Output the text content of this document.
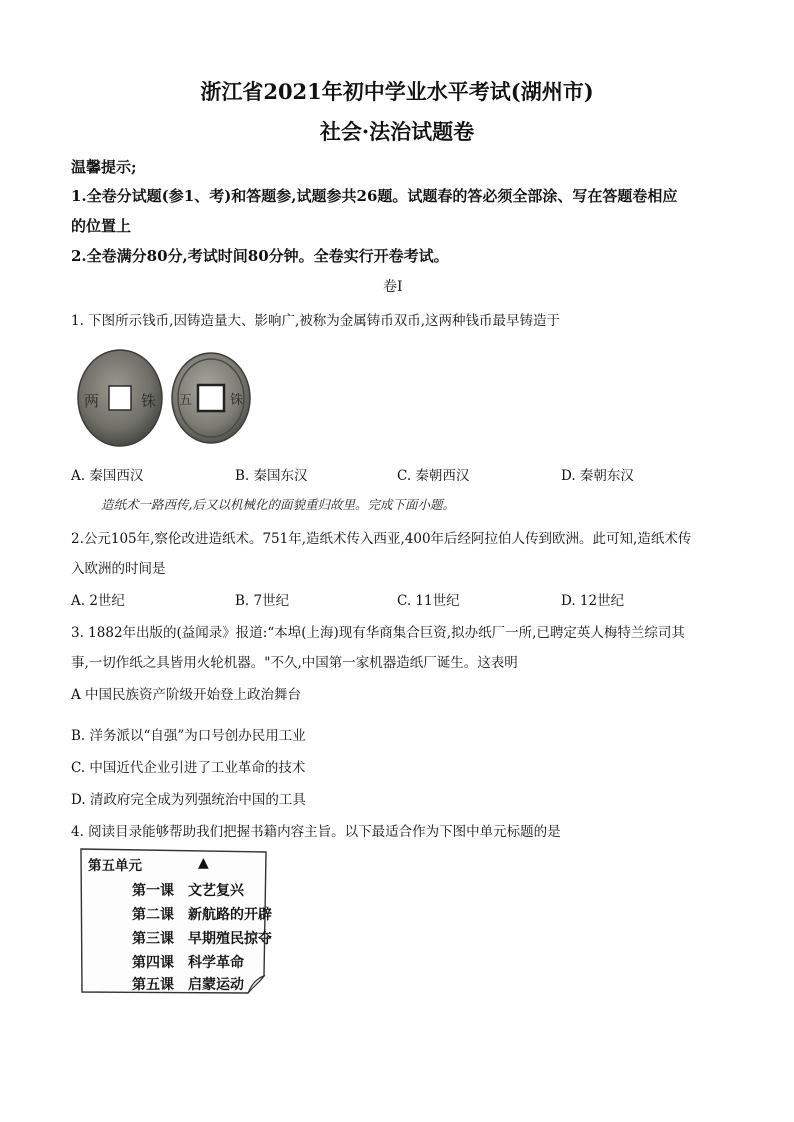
浙江省2021年初中学业水平考试(湖州市)
社会·法治试题卷
温馨提示;
1.全卷分试题(参1、考)和答题参,试题参共26题。试题春的答必须全部涂、写在答题卷相应
的位置上
2.全卷满分80分,考试时间80分钟。全卷实行开卷考试。
卷I
1. 下图所示钱币,因铸造量大、影响广,被称为金属铸币双币,这两种钱币最早铸造于
两 铢 五 铢
A. 秦国西汉	B. 秦国东汉	C. 秦朝西汉	D. 秦朝东汉
造纸术一路西传,后又以机械化的面貌重归故里。完成下面小题。
2.公元105年,察伦改进造纸术。751年,造纸术传入西亚,400年后经阿拉伯人传到欧洲。此可知,造纸术传
入欧洲的时间是
A. 2世纪	B. 7世纪	C. 11世纪	D. 12世纪
3. 1882年出版的(益闻录》报道:“本埠(上海)现有华商集合巨资,拟办纸厂一所,已聘定英人梅特兰综司其
事,一切作纸之具皆用火轮机器。"不久,中国第一家机器造纸厂诞生。这表明
A 中国民族资产阶级开始登上政治舞台
B. 洋务派以“自强”为口号创办民用工业
C. 中国近代企业引进了工业革命的技术
D. 清政府完全成为列强统治中国的工具
4. 阅读目录能够帮助我们把握书籍内容主旨。以下最适合作为下图中单元标题的是
第五单元	▲
第一课 文艺复兴
第二课 新航路的开辟
第三课 早期殖民掠夺
第四课 科学革命
第五课 启蒙运动
